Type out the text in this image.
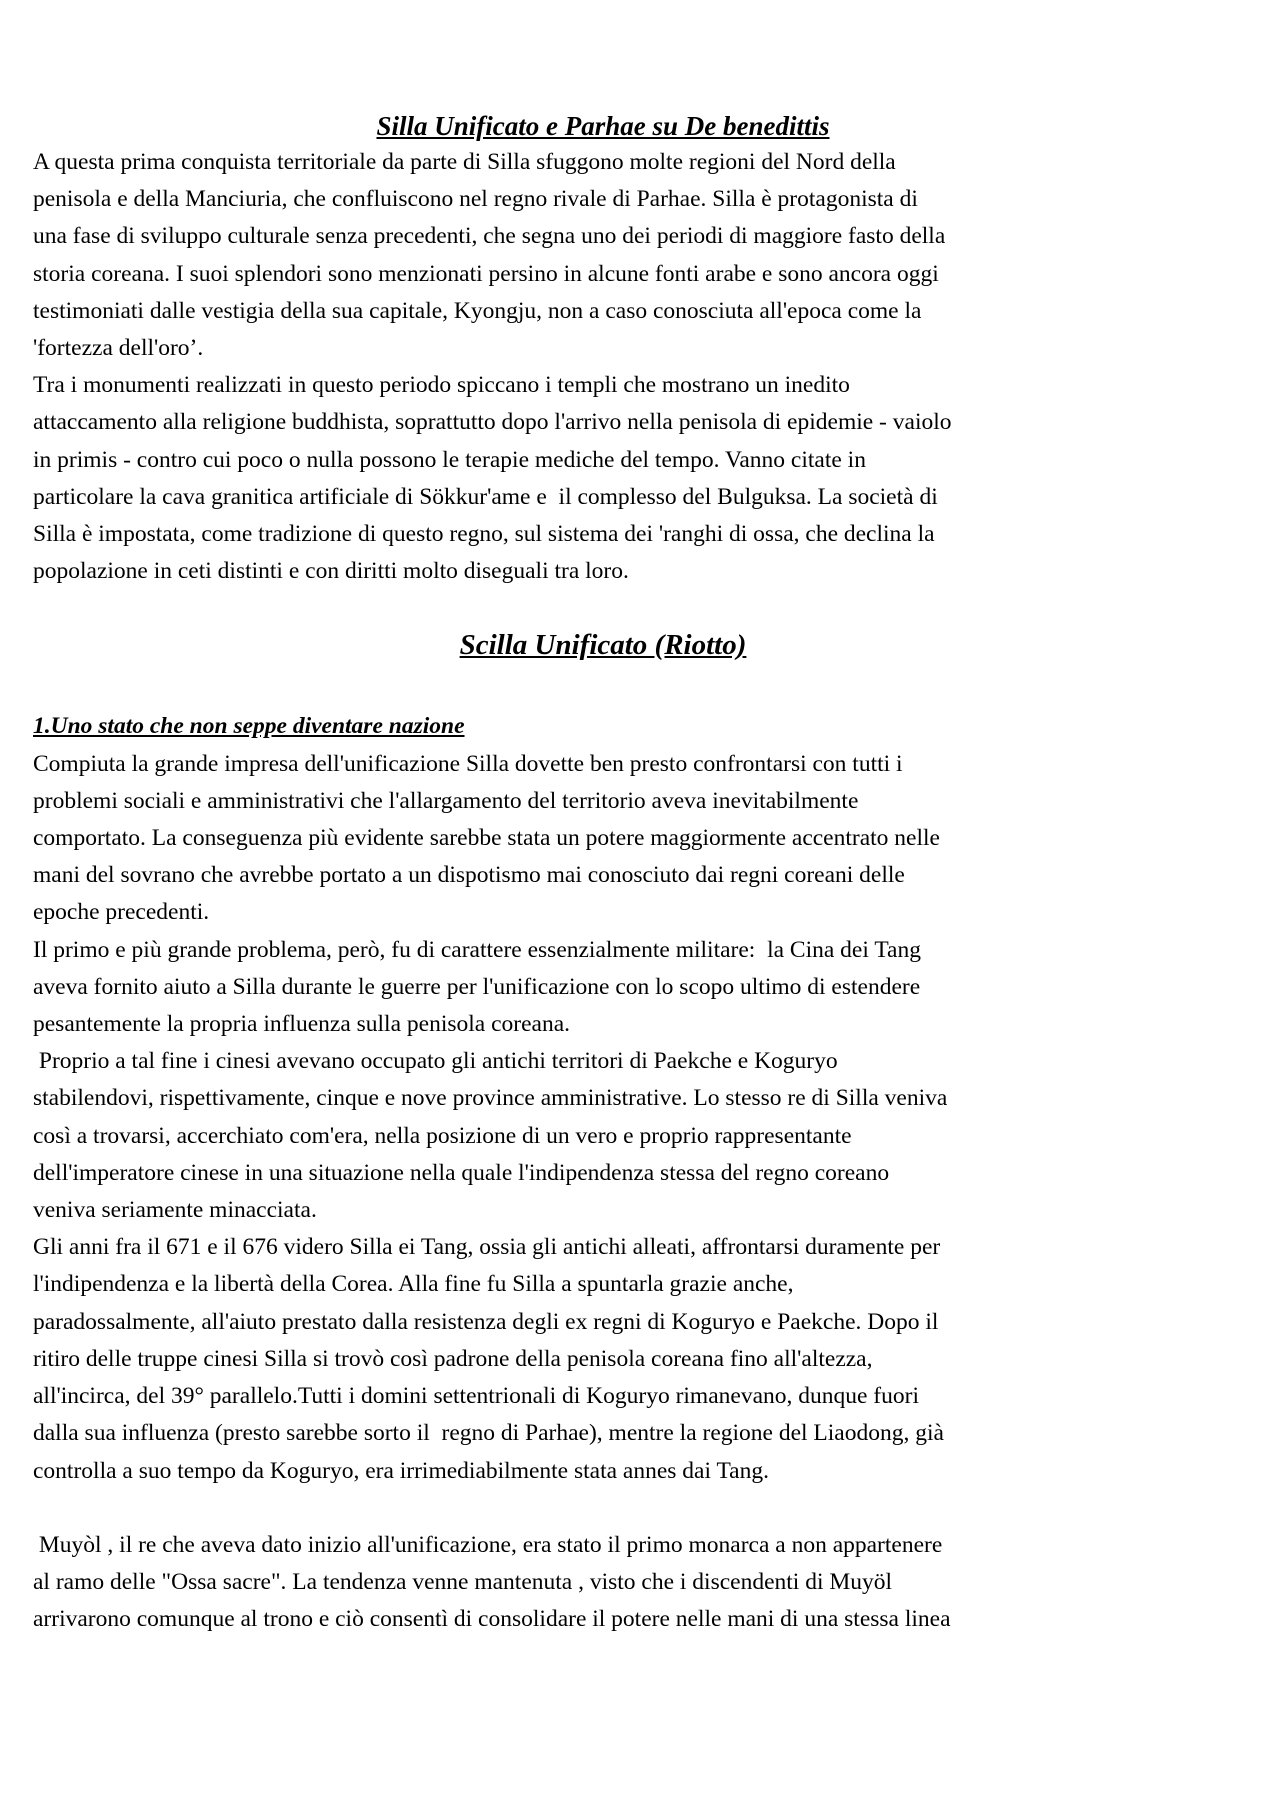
Silla Unificato e Parhae su De benedittis

A questa prima conquista territoriale da parte di Silla sfuggono molte regioni del Nord della
penisola e della Manciuria, che confluiscono nel regno rivale di Parhae. Silla è protagonista di
una fase di sviluppo culturale senza precedenti, che segna uno dei periodi di maggiore fasto della
storia coreana. I suoi splendori sono menzionati persino in alcune fonti arabe e sono ancora oggi
testimoniati dalle vestigia della sua capitale, Kyongju, non a caso conosciuta all'epoca come la
'fortezza dell'oro’.

Tra i monumenti realizzati in questo periodo spiccano i templi che mostrano un inedito
attaccamento alla religione buddhista, soprattutto dopo l'arrivo nella penisola di epidemie - vaiolo
in primis - contro cui poco o nulla possono le terapie mediche del tempo. Vanno citate in
particolare la cava granitica artificiale di Sökkur'ame e  il complesso del Bulguksa. La società di
Silla è impostata, come tradizione di questo regno, sul sistema dei 'ranghi di ossa, che declina la
popolazione in ceti distinti e con diritti molto diseguali tra loro.

Scilla Unificato (Riotto)
1.Uno stato che non seppe diventare nazione

Compiuta la grande impresa dell'unificazione Silla dovette ben presto confrontarsi con tutti i
problemi sociali e amministrativi che l'allargamento del territorio aveva inevitabilmente
comportato. La conseguenza più evidente sarebbe stata un potere maggiormente accentrato nelle
mani del sovrano che avrebbe portato a un dispotismo mai conosciuto dai regni coreani delle
epoche precedenti.

Il primo e più grande problema, però, fu di carattere essenzialmente militare:  la Cina dei Tang
aveva fornito aiuto a Silla durante le guerre per l'unificazione con lo scopo ultimo di estendere
pesantemente la propria influenza sulla penisola coreana.

Proprio a tal fine i cinesi avevano occupato gli antichi territori di Paekche e Koguryo
stabilendovi, rispettivamente, cinque e nove province amministrative. Lo stesso re di Silla veniva
così a trovarsi, accerchiato com'era, nella posizione di un vero e proprio rappresentante
dell'imperatore cinese in una situazione nella quale l'indipendenza stessa del regno coreano
veniva seriamente minacciata.

Gli anni fra il 671 e il 676 videro Silla ei Tang, ossia gli antichi alleati, affrontarsi duramente per
l'indipendenza e la libertà della Corea. Alla fine fu Silla a spuntarla grazie anche,
paradossalmente, all'aiuto prestato dalla resistenza degli ex regni di Koguryo e Paekche. Dopo il
ritiro delle truppe cinesi Silla si trovò così padrone della penisola coreana fino all'altezza,
all'incirca, del 39° parallelo.Tutti i domini settentrionali di Koguryo rimanevano, dunque fuori
dalla sua influenza (presto sarebbe sorto il  regno di Parhae), mentre la regione del Liaodong, già
controlla a suo tempo da Koguryo, era irrimediabilmente stata annes dai Tang.

Muyòl , il re che aveva dato inizio all'unificazione, era stato il primo monarca a non appartenere
al ramo delle "Ossa sacre". La tendenza venne mantenuta , visto che i discendenti di Muyöl
arrivarono comunque al trono e ciò consentì di consolidare il potere nelle mani di una stessa linea
